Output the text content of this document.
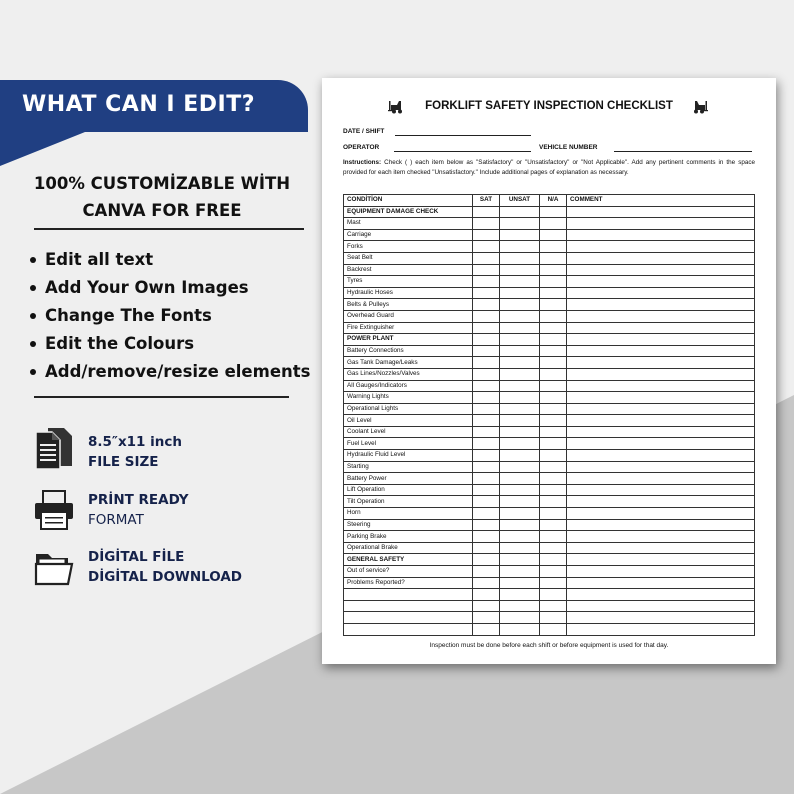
WHAT CAN I EDIT?
100% CUSTOMİZABLE WİTH
CANVA FOR FREE
Edit all text
Add Your Own Images
Change The Fonts
Edit the Colours
Add/remove/resize elements
8.5″x11 inch
FILE SIZE
PRİNT READY
FORMAT
DİGİTAL FİLE
DİGİTAL DOWNLOAD
FORKLIFT SAFETY INSPECTION CHECKLIST
DATE / SHIFT
OPERATOR	VEHICLE NUMBER
Instructions: Check ( ) each item below as "Satisfactory" or "Unsatisfactory" or "Not Applicable". Add any pertinent comments in the space provided for each item checked "Unsatisfactory." Include additional pages of explanation as necessary.
CONDİTİON	SAT	UNSAT	N/A	COMMENT
EQUIPMENT DAMAGE CHECK				
Mast				
Carriage				
Forks				
Seat Belt				
Backrest				
Tyres				
Hydraulic Hoses				
Belts & Pulleys				
Overhead Guard				
Fire Extinguisher				
POWER PLANT				
Battery Connections				
Gas Tank Damage/Leaks				
Gas Lines/Nozzles/Valves				
All Gauges/Indicators				
Warning Lights				
Operational Lights				
Oil Level				
Coolant Level				
Fuel Level				
Hydraulic Fluid Level				
Starting				
Battery Power				
Lift Operation				
Tilt Operation				
Horn				
Steering				
Parking Brake				
Operational Brake				
GENERAL SAFETY				
Out of service?				
Problems Reported?				

Inspection must be done before each shift or before equipment is used for that day.
